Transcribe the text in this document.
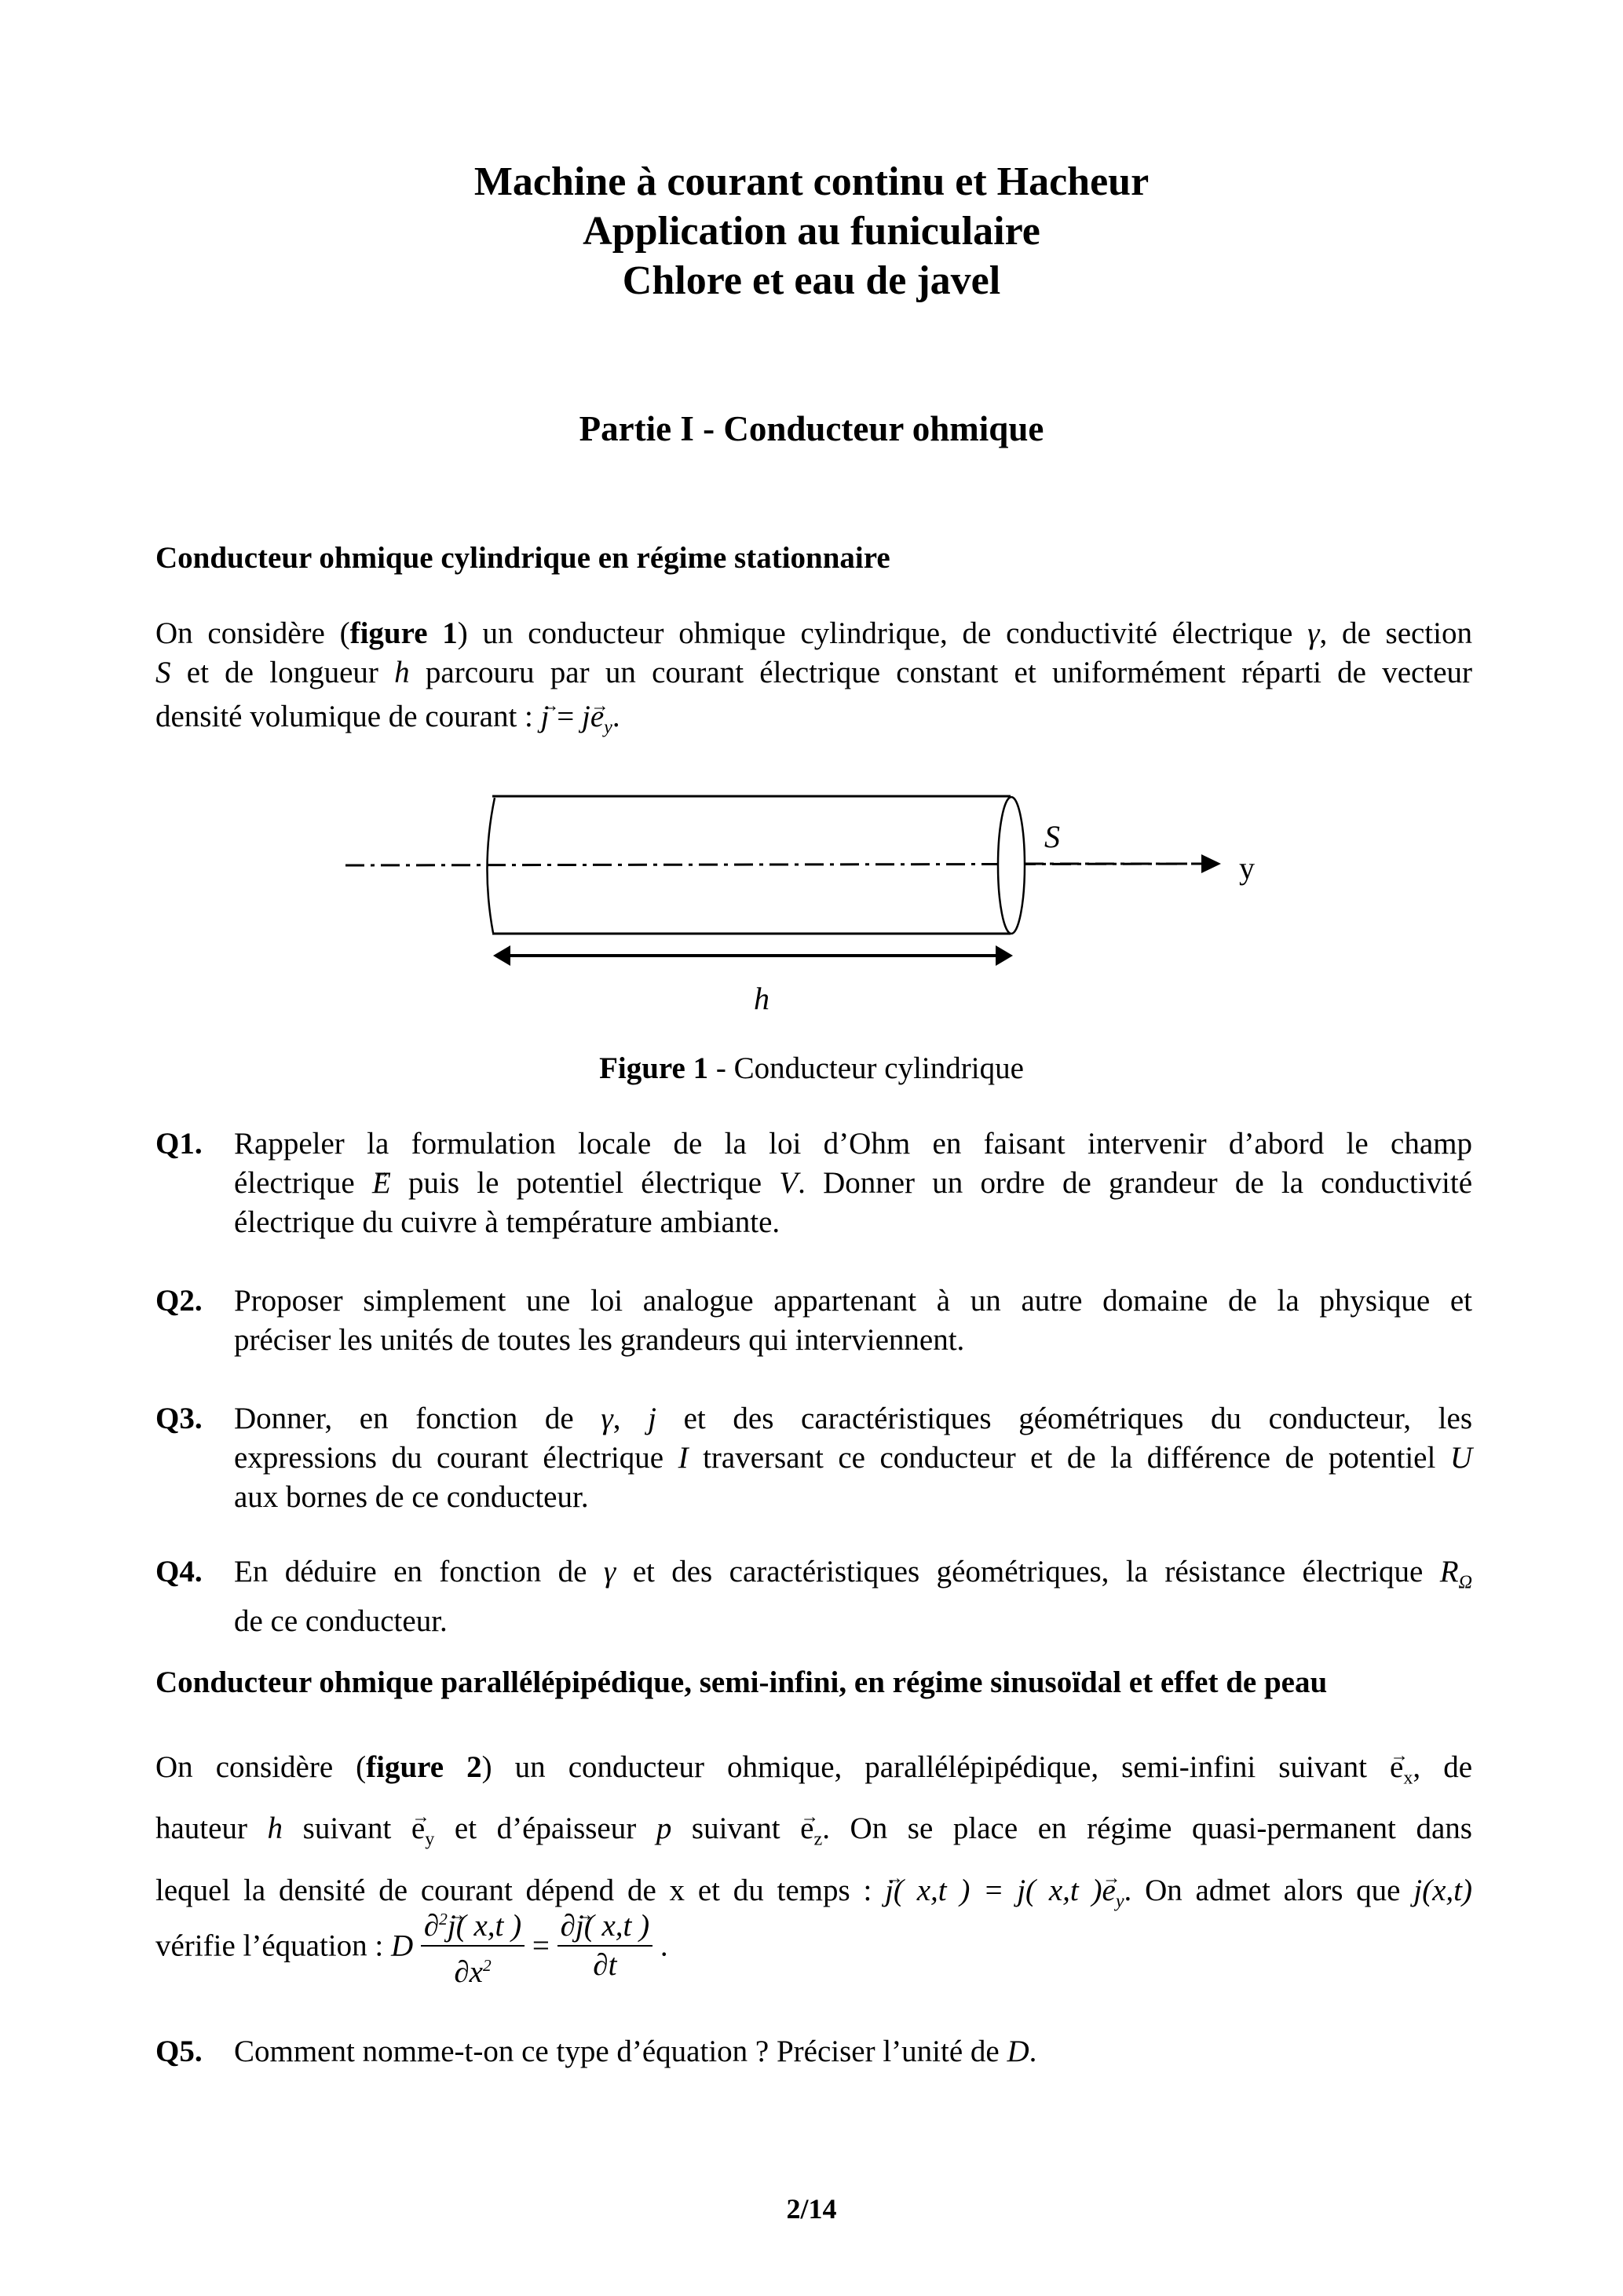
Machine à courant continu et Hacheur
Application au funiculaire
Chlore et eau de javel
Partie I - Conducteur ohmique
Conducteur ohmique cylindrique en régime stationnaire
On considère (figure 1) un conducteur ohmique cylindrique, de conductivité électrique γ, de section
S et de longueur h parcouru par un courant électrique constant et uniformément réparti de vecteur
densité volumique de courant : → $j = j\to e_y$.
S
y
h
Figure 1 - Conducteur cylindrique
Q1. Rappeler la formulation locale de la loi d’Ohm en faisant intervenir d’abord le champ
électrique → E puis le potentiel électrique V. Donner un ordre de grandeur de la conductivité
électrique du cuivre à température ambiante.
Q2. Proposer simplement une loi analogue appartenant à un autre domaine de la physique et
préciser les unités de toutes les grandeurs qui interviennent.
Q3. Donner, en fonction de γ, j et des caractéristiques géométriques du conducteur, les
expressions du courant électrique I traversant ce conducteur et de la différence de potentiel U
aux bornes de ce conducteur.
Q4. En déduire en fonction de γ et des caractéristiques géométriques, la résistance électrique $R_\Omega$
de ce conducteur.
Conducteur ohmique parallélépipédique, semi-infini, en régime sinusoïdal et effet de peau
On considère (figure 2) un conducteur ohmique, parallélépipédique, semi-infini suivant → $e_x$, de
hauteur h suivant → $e_y$ et d’épaisseur p suivant → $e_z$. On se place en régime quasi-permanent dans
lequel la densité de courant dépend de x et du temps : → j( x,t ) = j( x,t )→ $e_y$. On admet alors que j(x,t)
vérifie l’équation : D $\frac{\partial^2\to j( x,t )}{\partial x^2} = \frac{\partial\to j( x,t )}{\partial t}$ .
Q5. Comment nomme-t-on ce type d’équation ? Préciser l’unité de D.
2/14
